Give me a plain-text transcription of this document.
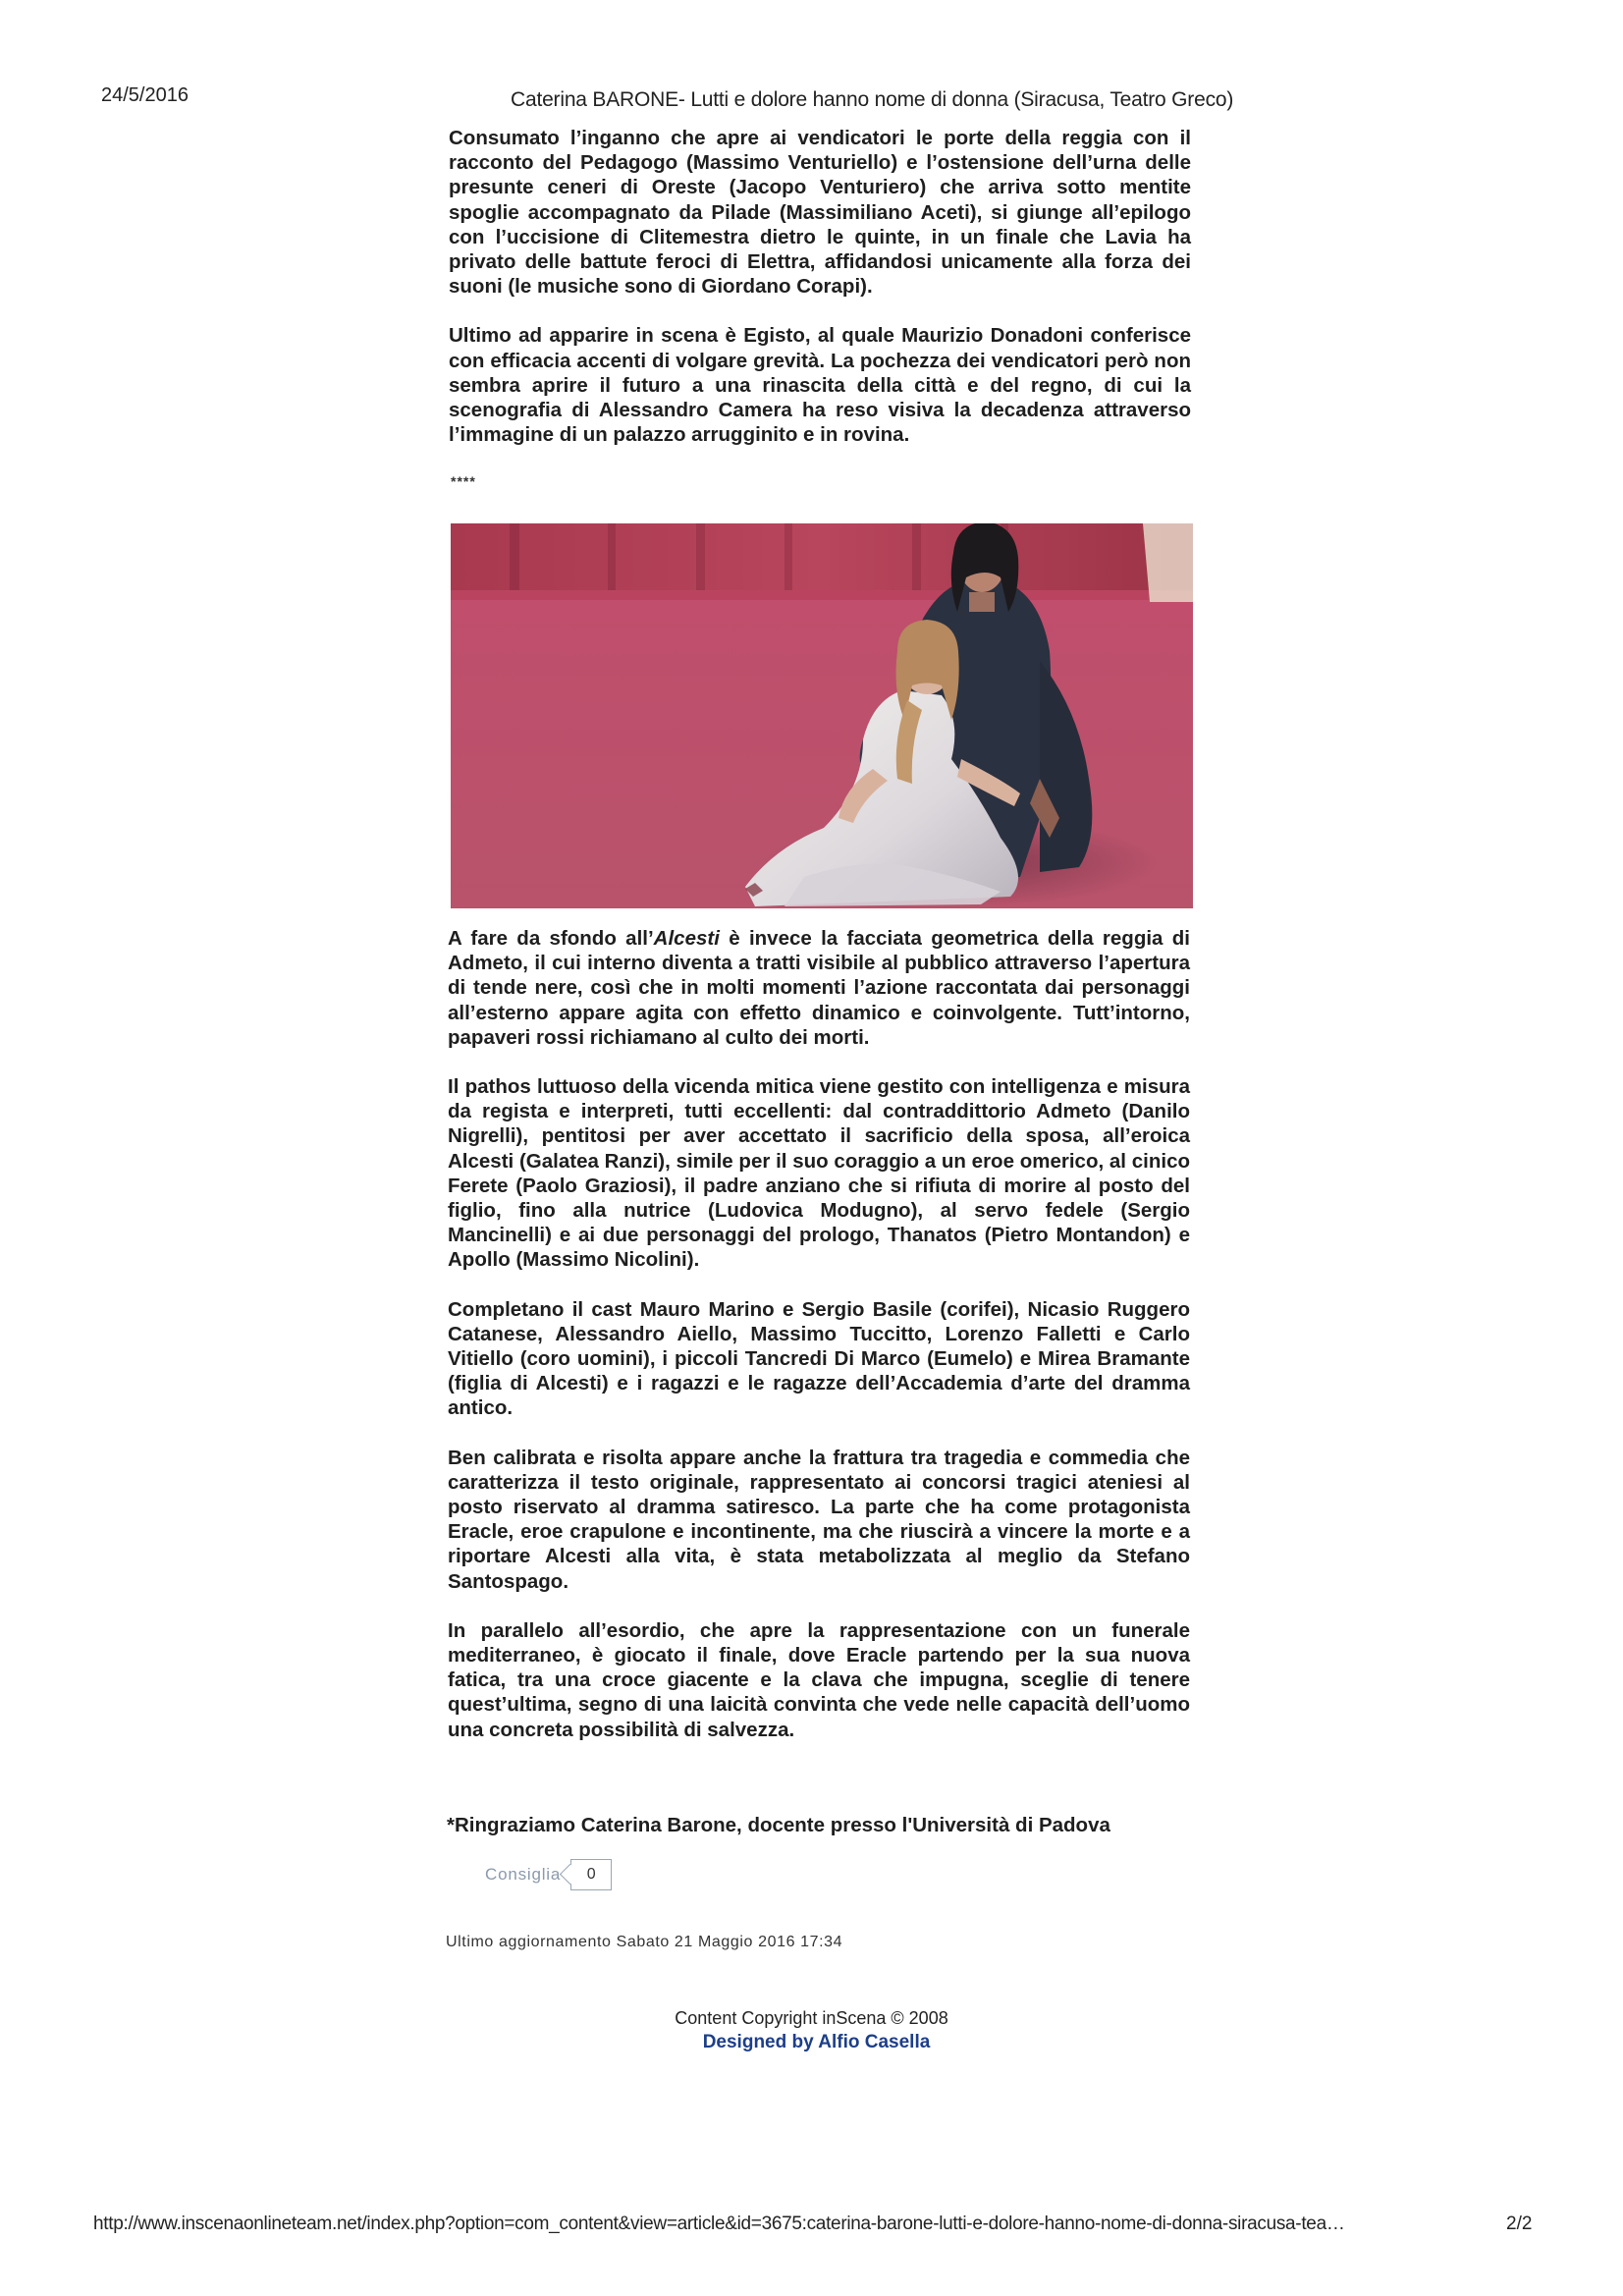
24/5/2016	Caterina BARONE- Lutti e dolore hanno nome di donna (Siracusa, Teatro Greco)

Consumato l’inganno che apre ai vendicatori le porte della reggia con il racconto del Pedagogo (Massimo Venturiello) e l’ostensione dell’urna delle presunte ceneri di Oreste (Jacopo Venturiero) che arriva sotto mentite spoglie accompagnato da Pilade (Massimiliano Aceti), si giunge all’epilogo con l’uccisione di Clitemestra dietro le quinte, in un finale che Lavia ha privato delle battute feroci di Elettra, affidandosi unicamente alla forza dei suoni (le musiche sono di Giordano Corapi).

Ultimo ad apparire in scena è Egisto, al quale Maurizio Donadoni conferisce con efficacia accenti di volgare grevità. La pochezza dei vendicatori però non sembra aprire il futuro a una rinascita della città e del regno, di cui la scenografia di Alessandro Camera ha reso visiva la decadenza attraverso l’immagine di un palazzo arrugginito e in rovina.

****

A fare da sfondo all’Alcesti è invece la facciata geometrica della reggia di Admeto, il cui interno diventa a tratti visibile al pubblico attraverso l’apertura di tende nere, così che in molti momenti l’azione raccontata dai personaggi all’esterno appare agita con effetto dinamico e coinvolgente. Tutt’intorno, papaveri rossi richiamano al culto dei morti.

Il pathos luttuoso della vicenda mitica viene gestito con intelligenza e misura da regista e interpreti, tutti eccellenti: dal contraddittorio Admeto (Danilo Nigrelli), pentitosi per aver accettato il sacrificio della sposa, all’eroica Alcesti (Galatea Ranzi), simile per il suo coraggio a un eroe omerico, al cinico Ferete (Paolo Graziosi), il padre anziano che si rifiuta di morire al posto del figlio, fino alla nutrice (Ludovica Modugno), al servo fedele (Sergio Mancinelli) e ai due personaggi del prologo, Thanatos (Pietro Montandon) e Apollo (Massimo Nicolini).

Completano il cast Mauro Marino e Sergio Basile (corifei), Nicasio Ruggero Catanese, Alessandro Aiello, Massimo Tuccitto, Lorenzo Falletti e Carlo Vitiello (coro uomini), i piccoli Tancredi Di Marco (Eumelo) e Mirea Bramante (figlia di Alcesti) e i ragazzi e le ragazze dell’Accademia d’arte del dramma antico.

Ben calibrata e risolta appare anche la frattura tra tragedia e commedia che caratterizza il testo originale, rappresentato ai concorsi tragici ateniesi al posto riservato al dramma satiresco. La parte che ha come protagonista Eracle, eroe crapulone e incontinente, ma che riuscirà a vincere la morte e a riportare Alcesti alla vita, è stata metabolizzata al meglio da Stefano Santospago.

In parallelo all’esordio, che apre la rappresentazione con un funerale mediterraneo, è giocato il finale, dove Eracle partendo per la sua nuova fatica, tra una croce giacente e la clava che impugna, sceglie di tenere quest’ultima, segno di una laicità convinta che vede nelle capacità dell’uomo una concreta possibilità di salvezza.

*Ringraziamo Caterina Barone, docente presso l'Università di Padova
Consiglia 0
Ultimo aggiornamento Sabato 21 Maggio 2016 17:34
Content Copyright inScena © 2008
Designed by Alfio Casella
http://www.inscenaonlineteam.net/index.php?option=com_content&view=article&id=3675:caterina-barone-lutti-e-dolore-hanno-nome-di-donna-siracusa-tea…	2/2
